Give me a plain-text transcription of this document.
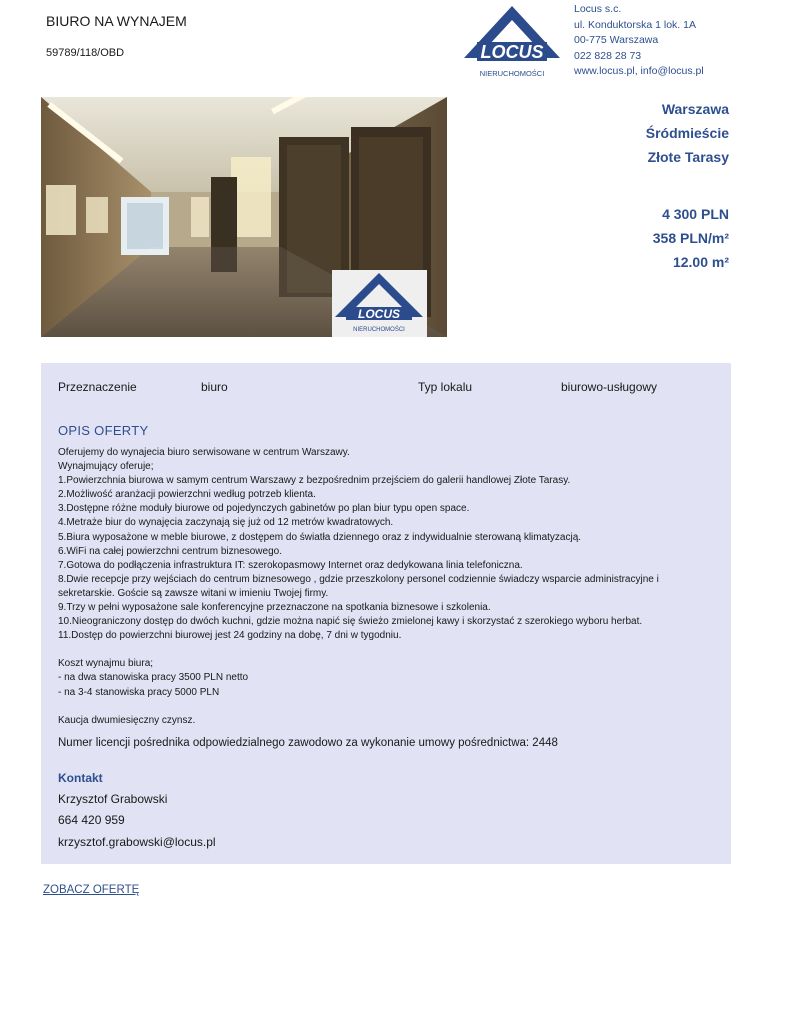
BIURO NA WYNAJEM
59789/118/OBD	LOCUS
NIERUCHOMOŚCI
Locus s.c.
ul. Konduktorska 1 lok. 1A
00-775 Warszawa
022 828 28 73
www.locus.pl, info@locus.pl
LOCUS
NIERUCHOMOŚCI
Warszawa
Śródmieście
Złote Tarasy
4 300 PLN
358 PLN/m²
12.00 m²
Przeznaczenie	biuro	Typ lokalu	biurowo-usługowy
OPIS OFERTY
Oferujemy do wynajecia biuro serwisowane w centrum Warszawy.
Wynajmujący oferuje;
1.Powierzchnia biurowa w samym centrum Warszawy z bezpośrednim przejściem do galerii handlowej Złote Tarasy.
2.Możliwość aranżacji powierzchni według potrzeb klienta.
3.Dostępne różne moduły biurowe od pojedynczych gabinetów po plan biur typu open space.
4.Metraże biur do wynajęcia zaczynają się już od 12 metrów kwadratowych.
5.Biura wyposażone w meble biurowe, z dostępem do światła dziennego oraz z indywidualnie sterowaną klimatyzacją.
6.WiFi na całej powierzchni centrum biznesowego.
7.Gotowa do podłączenia infrastruktura IT: szerokopasmowy Internet oraz dedykowana linia telefoniczna.
8.Dwie recepcje przy wejściach do centrum biznesowego , gdzie przeszkolony personel codziennie świadczy wsparcie administracyjne i
sekretarskie. Goście są zawsze witani w imieniu Twojej firmy.
9.Trzy w pełni wyposażone sale konferencyjne przeznaczone na spotkania biznesowe i szkolenia.
10.Nieograniczony dostęp do dwóch kuchni, gdzie można napić się świeżo zmielonej kawy i skorzystać z szerokiego wyboru herbat.
11.Dostęp do powierzchni biurowej jest 24 godziny na dobę, 7 dni w tygodniu.
Koszt wynajmu biura;
- na dwa stanowiska pracy 3500 PLN netto
- na 3-4 stanowiska pracy 5000 PLN
Kaucja dwumiesięczny czynsz.
Numer licencji pośrednika odpowiedzialnego zawodowo za wykonanie umowy pośrednictwa: 2448
Kontakt
Krzysztof Grabowski
664 420 959
krzysztof.grabowski@locus.pl
ZOBACZ OFERTĘ
